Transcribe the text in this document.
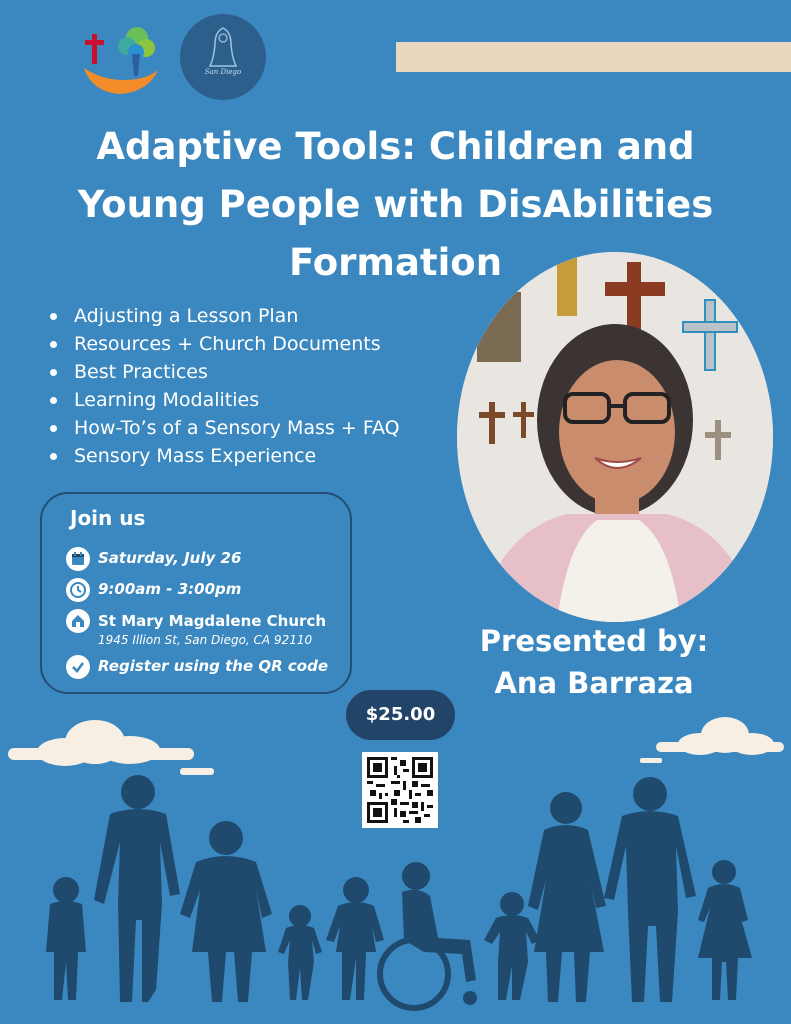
San Diego
Adaptive Tools: Children and
Young People with DisAbilities
Formation
Adjusting a Lesson Plan
Resources + Church Documents
Best Practices
Learning Modalities
How-To’s of a Sensory Mass + FAQ
Sensory Mass Experience
Join us
Saturday, July 26
9:00am - 3:00pm
St Mary Magdalene Church
1945 Illion St, San Diego, CA 92110
Register using the QR code
Presented by:
Ana Barraza
$25.00
